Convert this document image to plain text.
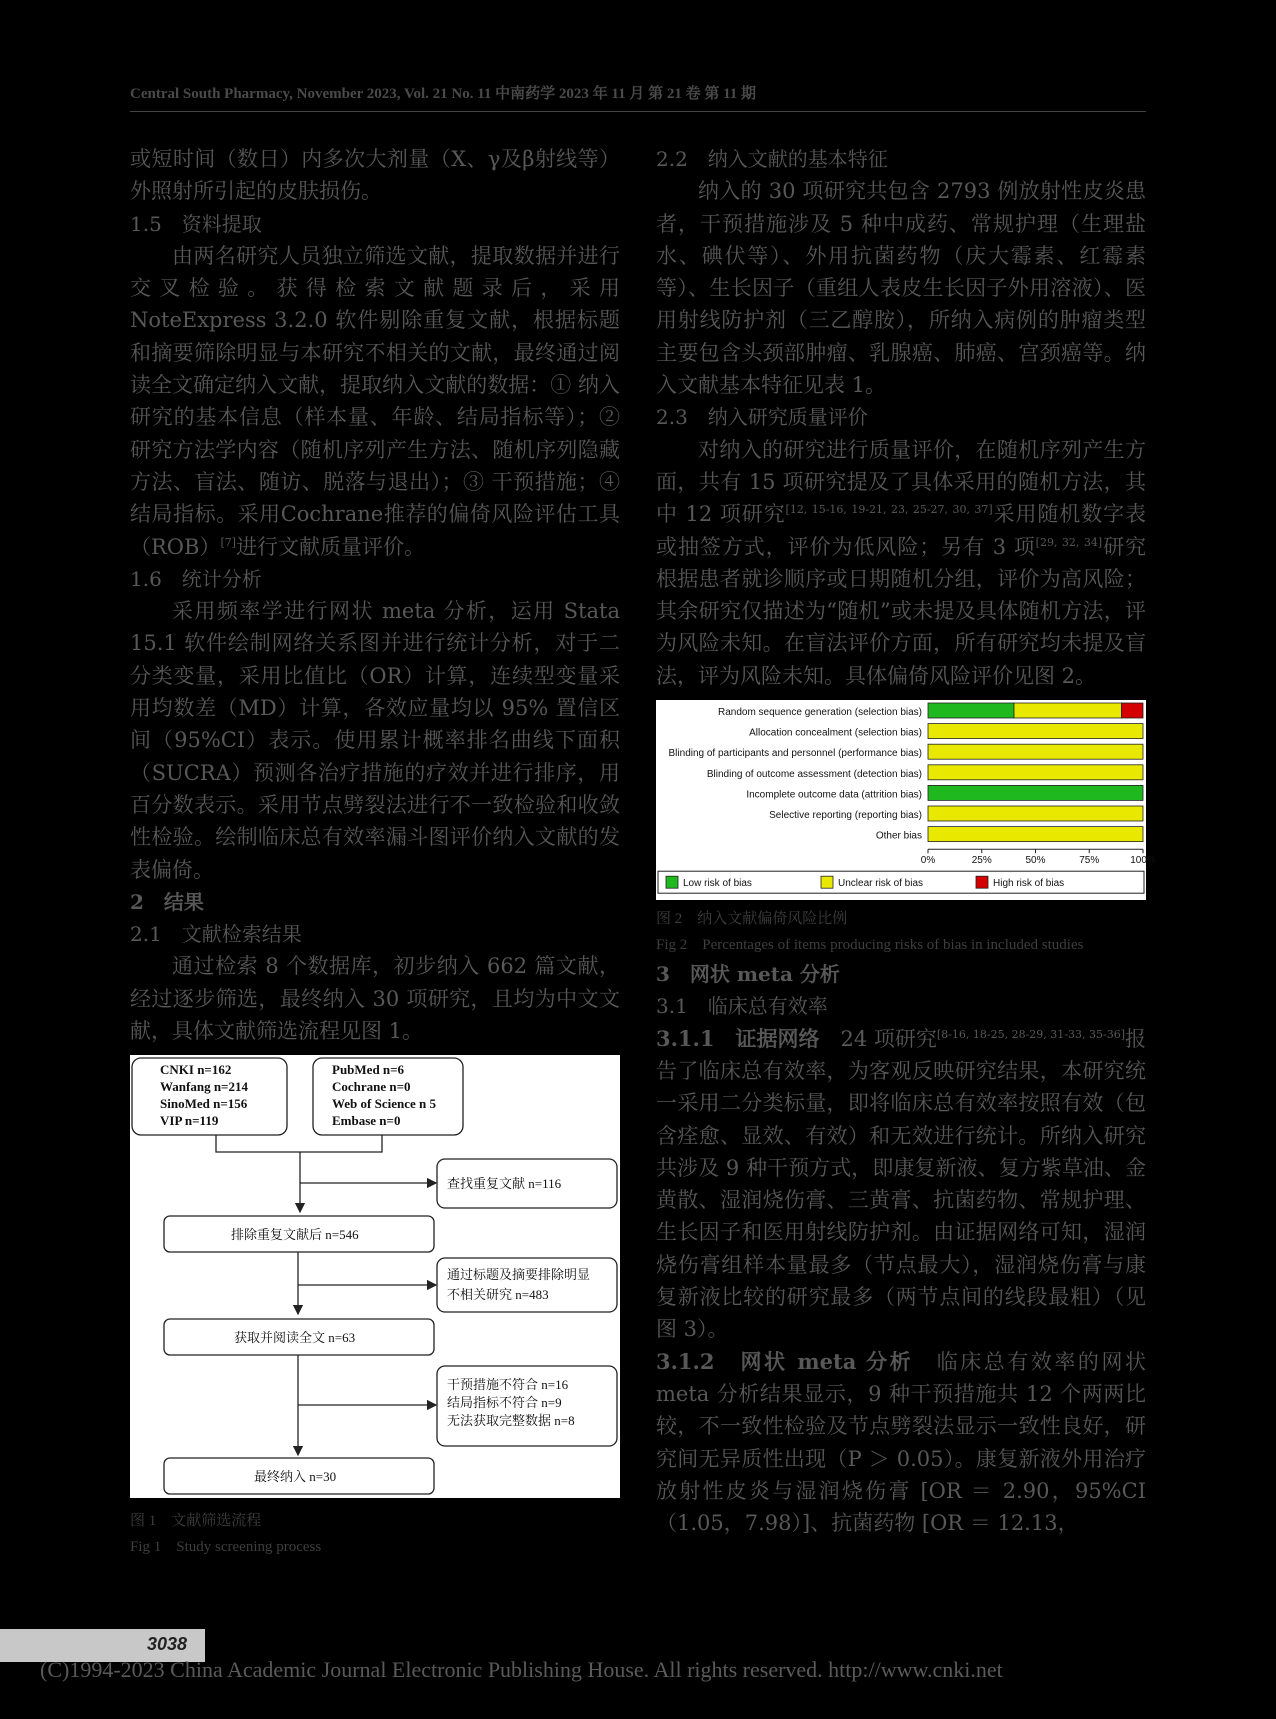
Central South Pharmacy, November 2023, Vol. 21 No. 11 中南药学 2023 年 11 月 第 21 卷 第 11 期

或短时间（数日）内多次大剂量（X、γ及β射线等）外照射所引起的皮肤损伤。

1.5　资料提取

由两名研究人员独立筛选文献，提取数据并进行交叉检验。获得检索文献题录后，采用NoteExpress 3.2.0 软件剔除重复文献，根据标题和摘要筛除明显与本研究不相关的文献，最终通过阅读全文确定纳入文献，提取纳入文献的数据：① 纳入研究的基本信息（样本量、年龄、结局指标等）；② 研究方法学内容（随机序列产生方法、随机序列隐藏方法、盲法、随访、脱落与退出）；③ 干预措施；④ 结局指标。采用Cochrane推荐的偏倚风险评估工具（ROB）[7]进行文献质量评价。

1.6　统计分析

采用频率学进行网状 meta 分析，运用 Stata 15.1 软件绘制网络关系图并进行统计分析，对于二分类变量，采用比值比（OR）计算，连续型变量采用均数差（MD）计算，各效应量均以 95% 置信区间（95%CI）表示。使用累计概率排名曲线下面积（SUCRA）预测各治疗措施的疗效并进行排序，用百分数表示。采用节点劈裂法进行不一致检验和收敛性检验。绘制临床总有效率漏斗图评价纳入文献的发表偏倚。

2　结果

2.1　文献检索结果

通过检索 8 个数据库，初步纳入 662 篇文献，经过逐步筛选，最终纳入 30 项研究，且均为中文文献，具体文献筛选流程见图 1。

CNKI n=162
Wanfang n=214
SinoMed n=156
VIP n=119
PubMed n=6
Cochrane n=0
Web of Science n 5
Embase n=0
查找重复文献 n=116
排除重复文献后 n=546
通过标题及摘要排除明显
不相关研究 n=483
获取并阅读全文 n=63
干预措施不符合 n=16
结局指标不符合 n=9
无法获取完整数据 n=8
最终纳入 n=30

图 1　文献筛选流程

Fig 1　Study screening process

2.2　纳入文献的基本特征

纳入的 30 项研究共包含 2793 例放射性皮炎患者，干预措施涉及 5 种中成药、常规护理（生理盐水、碘伏等）、外用抗菌药物（庆大霉素、红霉素等）、生长因子（重组人表皮生长因子外用溶液）、医用射线防护剂（三乙醇胺），所纳入病例的肿瘤类型主要包含头颈部肿瘤、乳腺癌、肺癌、宫颈癌等。纳入文献基本特征见表 1。

2.3　纳入研究质量评价

对纳入的研究进行质量评价，在随机序列产生方面，共有 15 项研究提及了具体采用的随机方法，其中 12 项研究[12, 15-16, 19-21, 23, 25-27, 30, 37]采用随机数字表或抽签方式，评价为低风险；另有 3 项[29, 32, 34]研究根据患者就诊顺序或日期随机分组，评价为高风险；其余研究仅描述为“随机”或未提及具体随机方法，评为风险未知。在盲法评价方面，所有研究均未提及盲法，评为风险未知。具体偏倚风险评价见图 2。

Random sequence generation (selection bias)
Allocation concealment (selection bias)
Blinding of participants and personnel (performance bias)
Blinding of outcome assessment (detection bias)
Incomplete outcome data (attrition bias)
Selective reporting (reporting bias)
Other bias
0%	25%	50%	75%	100%
Low risk of bias	Unclear risk of bias	High risk of bias

图 2　纳入文献偏倚风险比例

Fig 2　Percentages of items producing risks of bias in included studies

3　网状 meta 分析

3.1　临床总有效率

3.1.1　证据网络　24 项研究[8-16, 18-25, 28-29, 31-33, 35-36]报告了临床总有效率，为客观反映研究结果，本研究统一采用二分类标量，即将临床总有效率按照有效（包含痊愈、显效、有效）和无效进行统计。所纳入研究共涉及 9 种干预方式，即康复新液、复方紫草油、金黄散、湿润烧伤膏、三黄膏、抗菌药物、常规护理、生长因子和医用射线防护剂。由证据网络可知，湿润烧伤膏组样本量最多（节点最大），湿润烧伤膏与康复新液比较的研究最多（两节点间的线段最粗）（见图 3）。

3.1.2　网状 meta 分析　临床总有效率的网状 meta 分析结果显示，9 种干预措施共 12 个两两比较，不一致性检验及节点劈裂法显示一致性良好，研究间无异质性出现（P ＞ 0.05）。康复新液外用治疗放射性皮炎与湿润烧伤膏 [OR ＝ 2.90，95%CI（1.05，7.98）]、抗菌药物 [OR ＝ 12.13，

3038
(C)1994-2023 China Academic Journal Electronic Publishing House. All rights reserved. http://www.cnki.net
